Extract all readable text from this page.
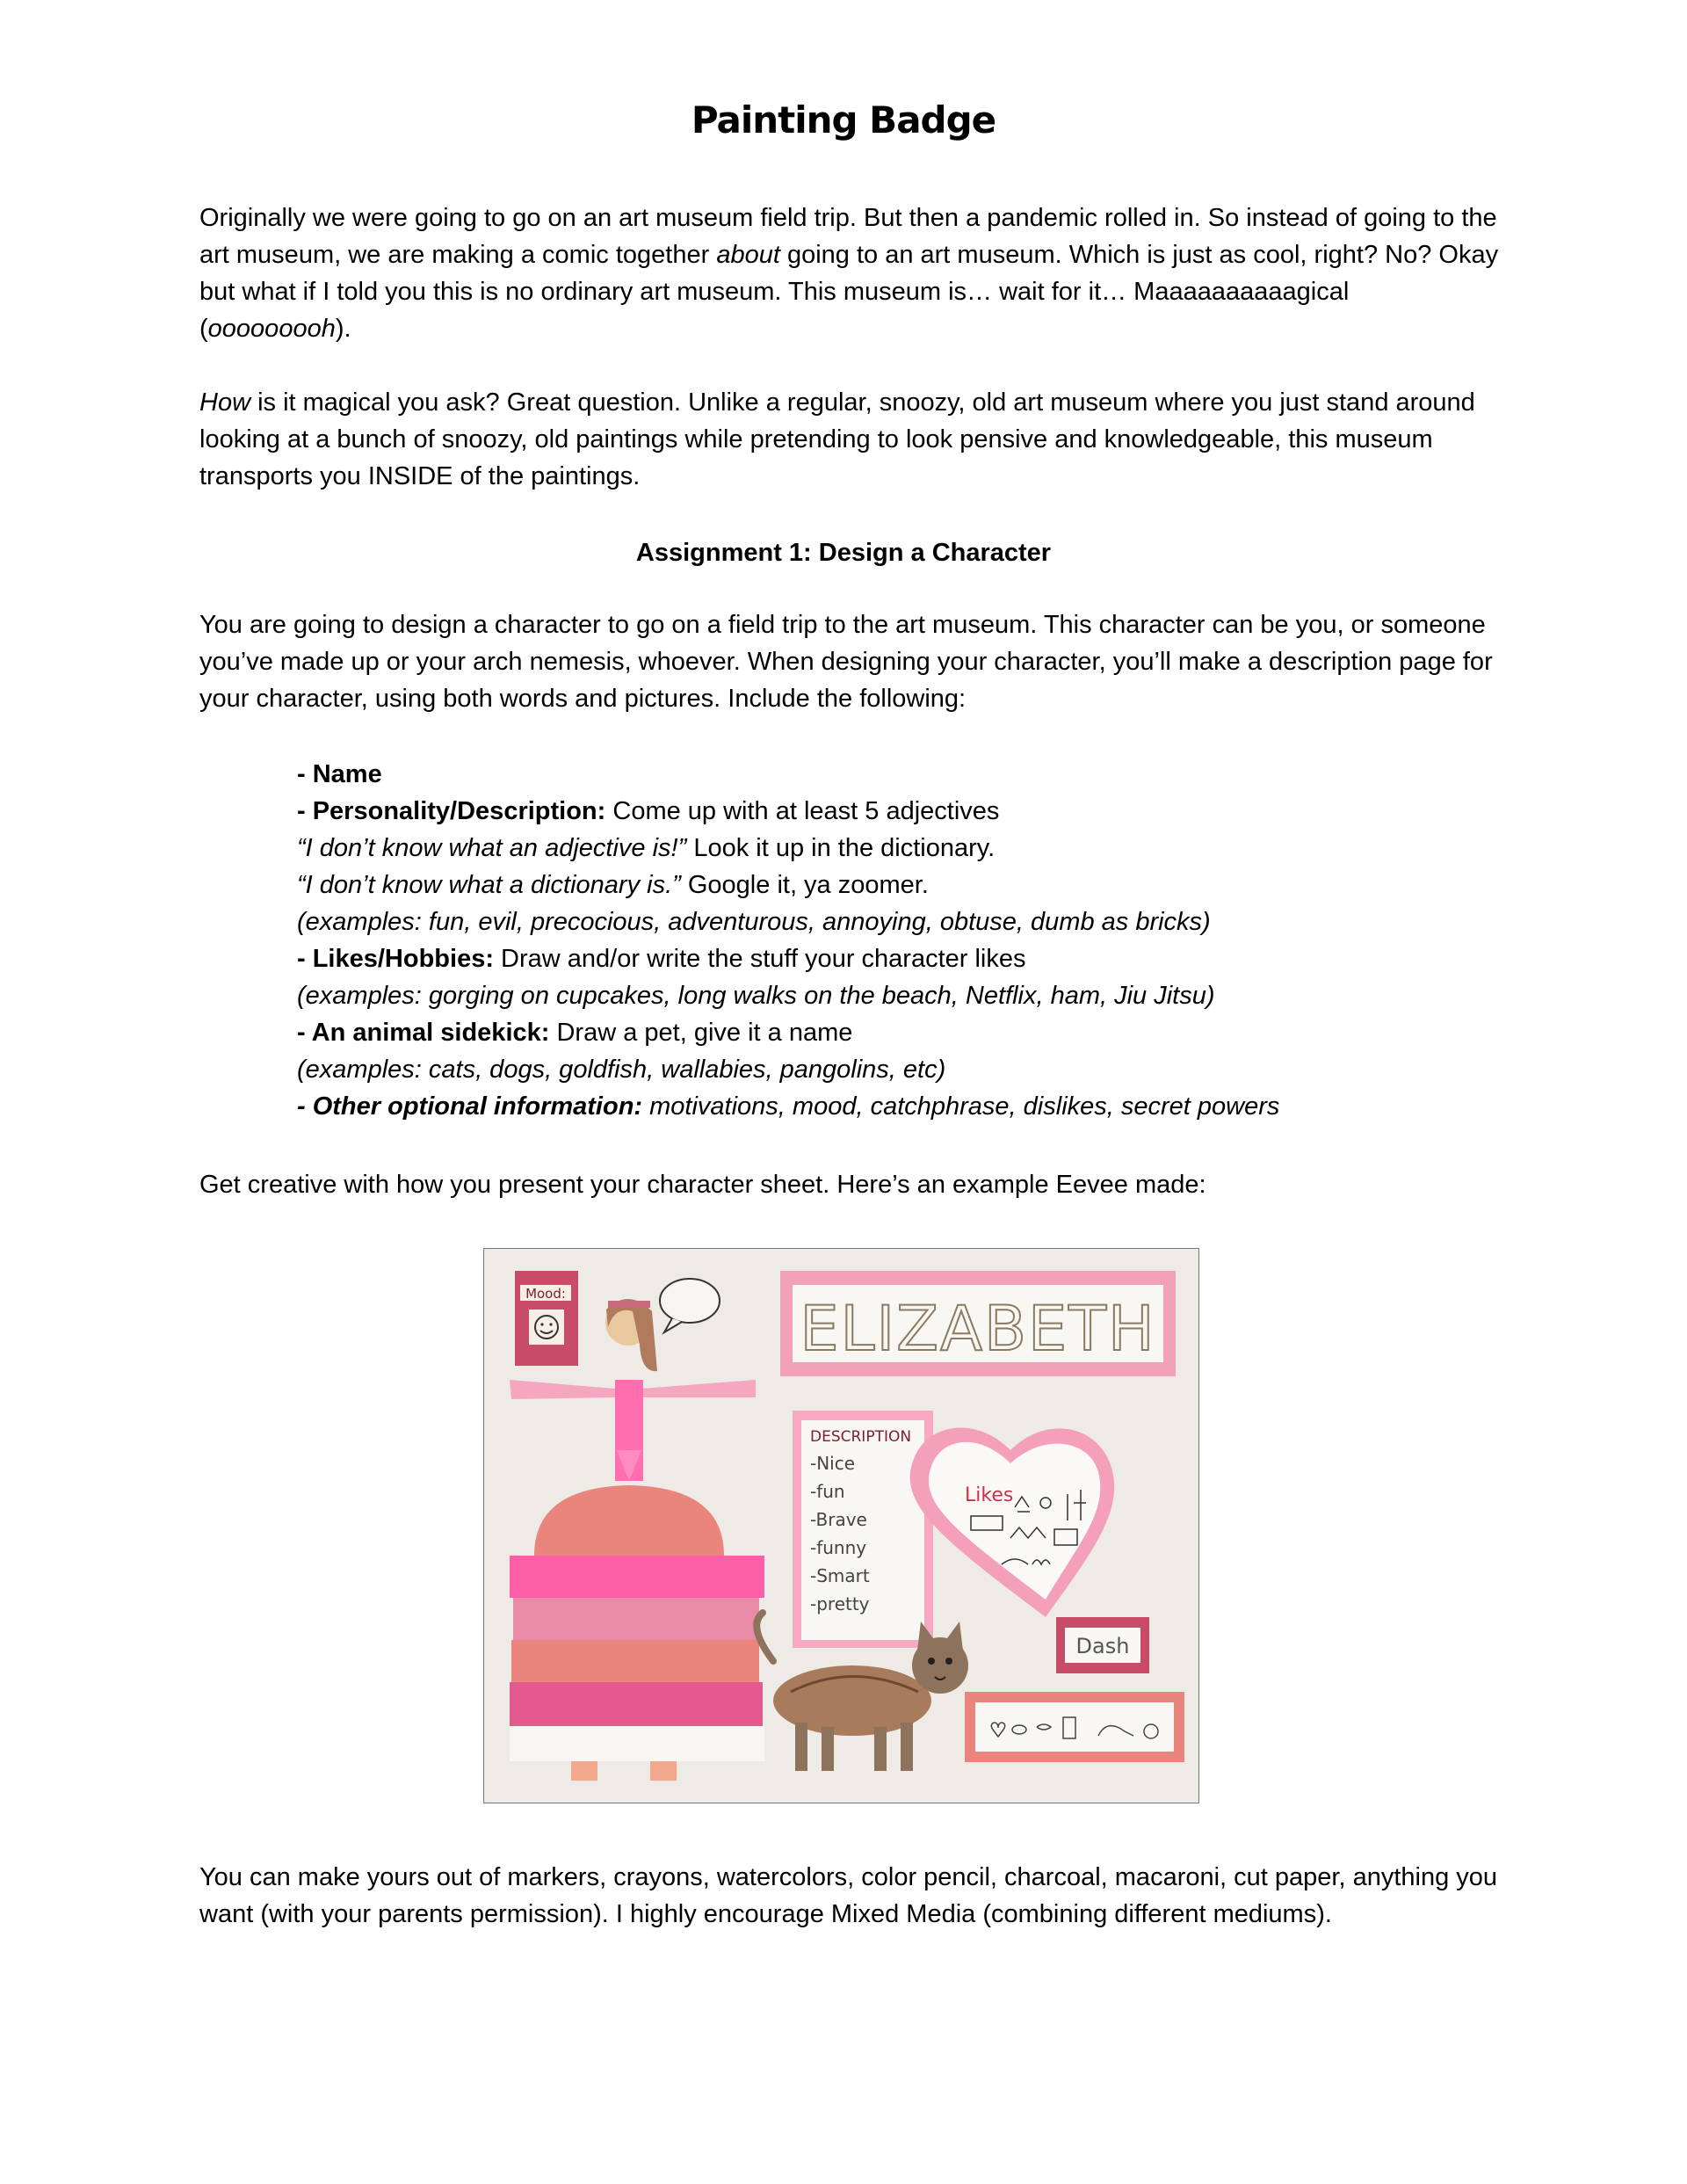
Painting Badge

Originally we were going to go on an art museum field trip. But then a pandemic rolled in. So instead of going to the art museum, we are making a comic together about going to an art museum. Which is just as cool, right? No? Okay but what if I told you this is no ordinary art museum. This museum is… wait for it… Maaaaaaaaaagical (ooooooooh).

How is it magical you ask? Great question. Unlike a regular, snoozy, old art museum where you just stand around looking at a bunch of snoozy, old paintings while pretending to look pensive and knowledgeable, this museum transports you INSIDE of the paintings.

Assignment 1: Design a Character

You are going to design a character to go on a field trip to the art museum. This character can be you, or someone you’ve made up or your arch nemesis, whoever. When designing your character, you’ll make a description page for your character, using both words and pictures. Include the following:

- Name
- Personality/Description: Come up with at least 5 adjectives
“I don’t know what an adjective is!” Look it up in the dictionary.
“I don’t know what a dictionary is.” Google it, ya zoomer.
(examples: fun, evil, precocious, adventurous, annoying, obtuse, dumb as bricks)
- Likes/Hobbies: Draw and/or write the stuff your character likes
(examples: gorging on cupcakes, long walks on the beach, Netflix, ham, Jiu Jitsu)
- An animal sidekick: Draw a pet, give it a name
(examples: cats, dogs, goldfish, wallabies, pangolins, etc)
- Other optional information: motivations, mood, catchphrase, dislikes, secret powers

Get creative with how you present your character sheet. Here’s an example Eevee made:

Mood:	ELIZABETH
DESCRIPTION
-Nice -fun -Brave -funny -Smart -pretty
Likes
Dash

You can make yours out of markers, crayons, watercolors, color pencil, charcoal, macaroni, cut paper, anything you want (with your parents permission). I highly encourage Mixed Media (combining different mediums).
